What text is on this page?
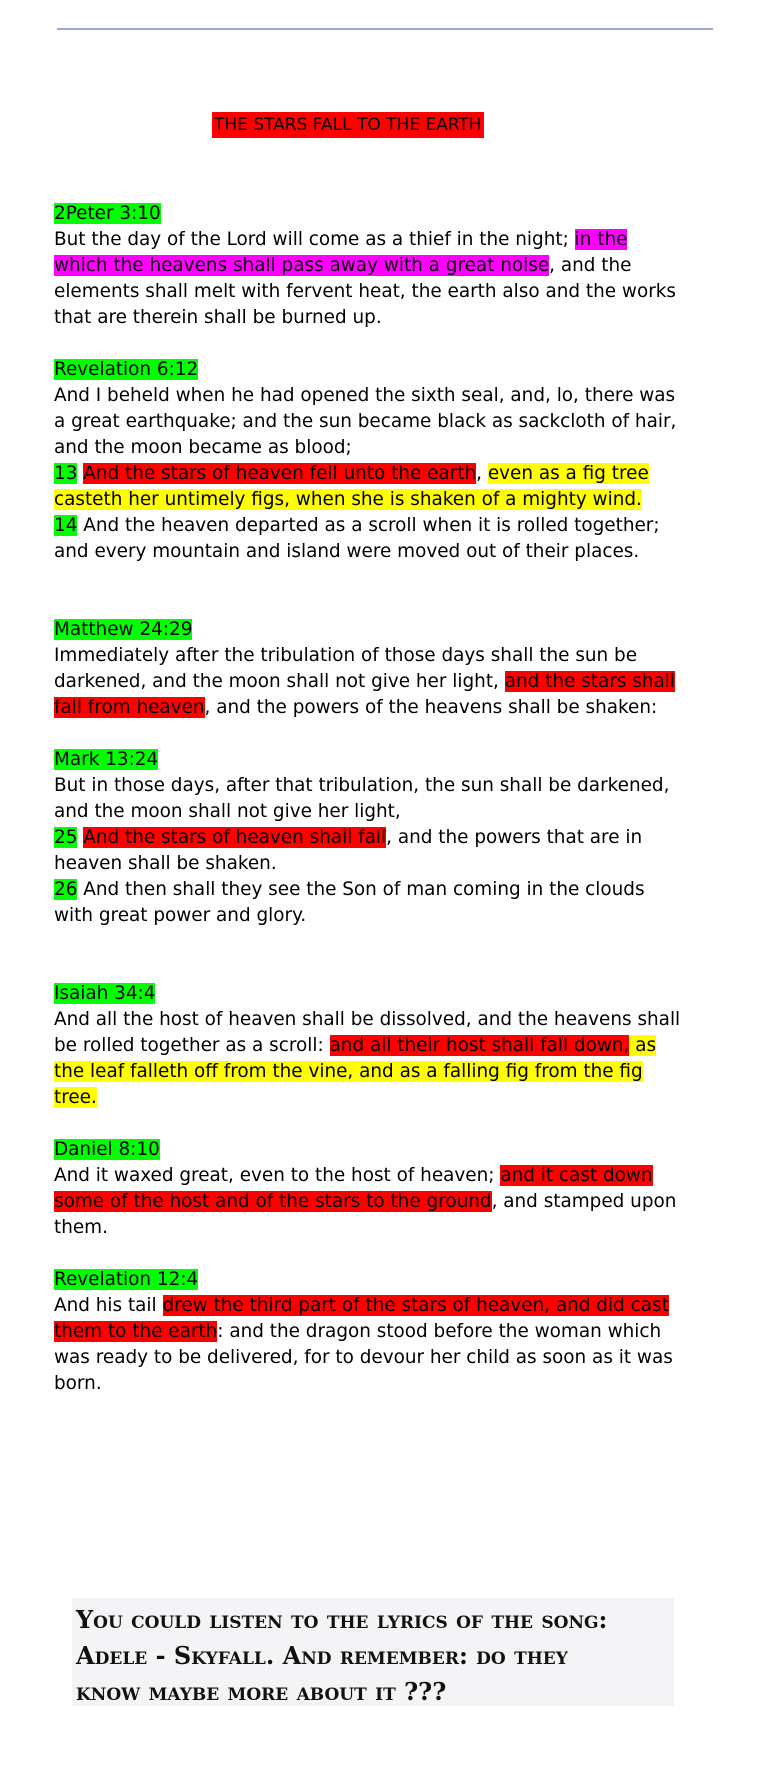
THE STARS FALL TO THE EARTH

2Peter 3:10

But the day of the Lord will come as a thief in the night; in the which the heavens shall pass away with a great noise, and the elements shall melt with fervent heat, the earth also and the works that are therein shall be burned up.

Revelation 6:12

And I beheld when he had opened the sixth seal, and, lo, there was a great earthquake; and the sun became black as sackcloth of hair, and the moon became as blood;

13 And the stars of heaven fell unto the earth, even as a fig tree casteth her untimely figs, when she is shaken of a mighty wind.

14 And the heaven departed as a scroll when it is rolled together; and every mountain and island were moved out of their places.

Matthew 24:29

Immediately after the tribulation of those days shall the sun be darkened, and the moon shall not give her light, and the stars shall fall from heaven, and the powers of the heavens shall be shaken:

Mark 13:24

But in those days, after that tribulation, the sun shall be darkened, and the moon shall not give her light,

25 And the stars of heaven shall fall, and the powers that are in heaven shall be shaken.

26 And then shall they see the Son of man coming in the clouds with great power and glory.

Isaiah 34:4

And all the host of heaven shall be dissolved, and the heavens shall be rolled together as a scroll: and all their host shall fall down, as the leaf falleth off from the vine, and as a falling fig from the fig tree.

Daniel 8:10

And it waxed great, even to the host of heaven; and it cast down some of the host and of the stars to the ground, and stamped upon them.

Revelation 12:4

And his tail drew the third part of the stars of heaven, and did cast them to the earth: and the dragon stood before the woman which was ready to be delivered, for to devour her child as soon as it was born.

You could listen to the lyrics of the song:
Adele - Skyfall. And remember: do they
know maybe more about it ???
